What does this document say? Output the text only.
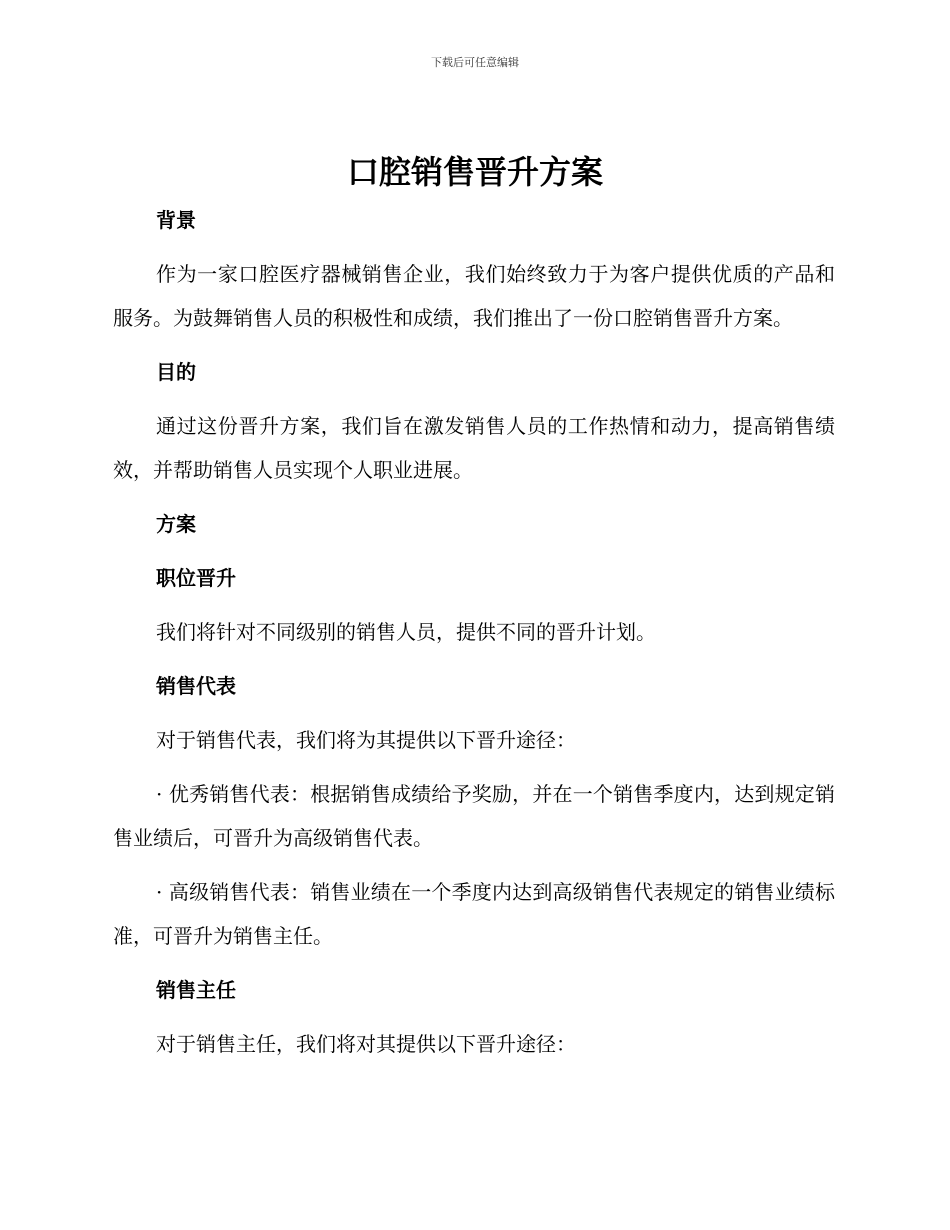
下载后可任意编辑
口腔销售晋升方案

背景

作为一家口腔医疗器械销售企业，我们始终致力于为客户提供优质的产品和服务。为鼓舞销售人员的积极性和成绩，我们推出了一份口腔销售晋升方案。

目的

通过这份晋升方案，我们旨在激发销售人员的工作热情和动力，提高销售绩效，并帮助销售人员实现个人职业进展。

方案

职位晋升

我们将针对不同级别的销售人员，提供不同的晋升计划。

销售代表

对于销售代表，我们将为其提供以下晋升途径：

· 优秀销售代表：根据销售成绩给予奖励，并在一个销售季度内，达到规定销售业绩后，可晋升为高级销售代表。

· 高级销售代表：销售业绩在一个季度内达到高级销售代表规定的销售业绩标准，可晋升为销售主任。

销售主任

对于销售主任，我们将对其提供以下晋升途径：
